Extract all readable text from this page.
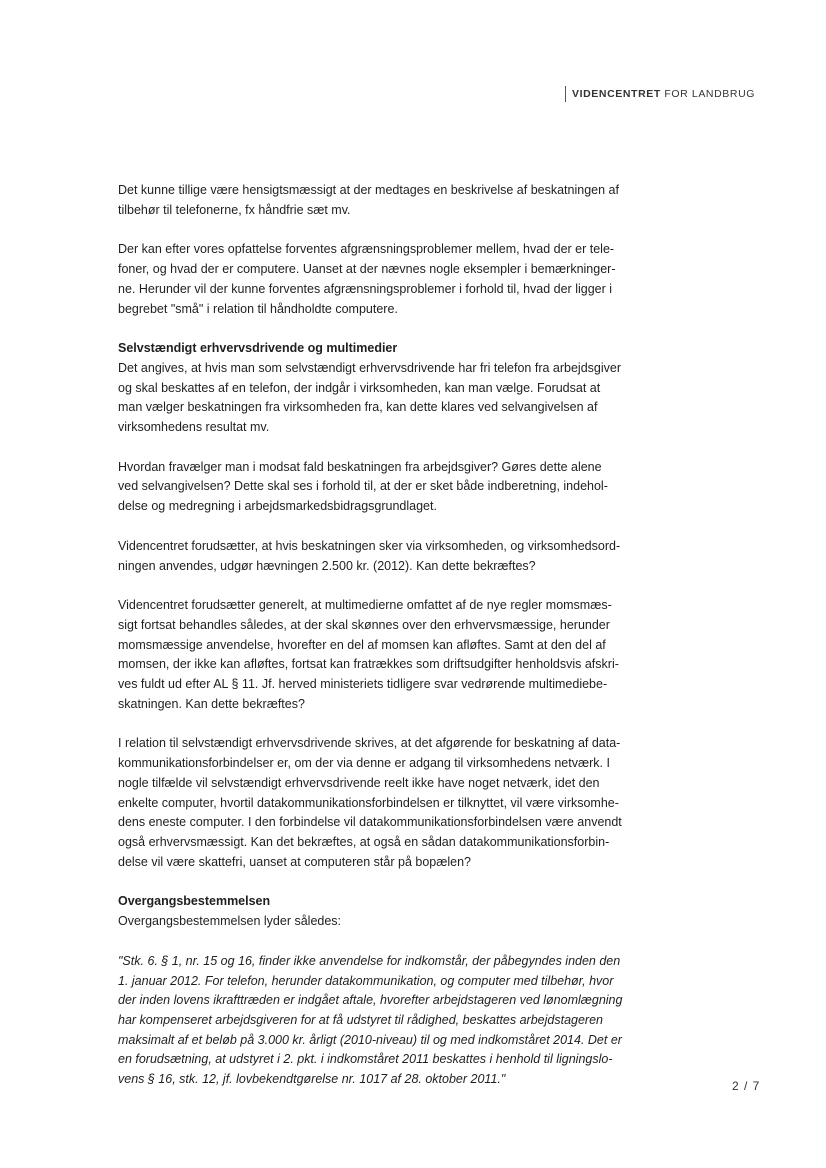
VIDENCENTRET FOR LANDBRUG

Det kunne tillige være hensigtsmæssigt at der medtages en beskrivelse af beskatningen af

tilbehør til telefonerne, fx håndfrie sæt mv.

Der kan efter vores opfattelse forventes afgrænsningsproblemer mellem, hvad der er tele-

foner, og hvad der er computere. Uanset at der nævnes nogle eksempler i bemærkninger-

ne. Herunder vil der kunne forventes afgrænsningsproblemer i forhold til, hvad der ligger i

begrebet "små" i relation til håndholdte computere.

Selvstændigt erhvervsdrivende og multimedier

Det angives, at hvis man som selvstændigt erhvervsdrivende har fri telefon fra arbejdsgiver

og skal beskattes af en telefon, der indgår i virksomheden, kan man vælge. Forudsat at

man vælger beskatningen fra virksomheden fra, kan dette klares ved selvangivelsen af

virksomhedens resultat mv.

Hvordan fravælger man i modsat fald beskatningen fra arbejdsgiver? Gøres dette alene

ved selvangivelsen? Dette skal ses i forhold til, at der er sket både indberetning, indehol-

delse og medregning i arbejdsmarkedsbidragsgrundlaget.

Videncentret forudsætter, at hvis beskatningen sker via virksomheden, og virksomhedsord-

ningen anvendes, udgør hævningen 2.500 kr. (2012). Kan dette bekræftes?

Videncentret forudsætter generelt, at multimedierne omfattet af de nye regler momsmæs-

sigt fortsat behandles således, at der skal skønnes over den erhvervsmæssige, herunder

momsmæssige anvendelse, hvorefter en del af momsen kan afløftes. Samt at den del af

momsen, der ikke kan afløftes, fortsat kan fratrækkes som driftsudgifter henholdsvis afskri-

ves fuldt ud efter AL § 11. Jf. herved ministeriets tidligere svar vedrørende multimediebe-

skatningen. Kan dette bekræftes?

I relation til selvstændigt erhvervsdrivende skrives, at det afgørende for beskatning af data-

kommunikationsforbindelser er, om der via denne er adgang til virksomhedens netværk. I

nogle tilfælde vil selvstændigt erhvervsdrivende reelt ikke have noget netværk, idet den

enkelte computer, hvortil datakommunikationsforbindelsen er tilknyttet, vil være virksomhe-

dens eneste computer. I den forbindelse vil datakommunikationsforbindelsen være anvendt

også erhvervsmæssigt. Kan det bekræftes, at også en sådan datakommunikationsforbin-

delse vil være skattefri, uanset at computeren står på bopælen?

Overgangsbestemmelsen

Overgangsbestemmelsen lyder således:

"Stk. 6. § 1, nr. 15 og 16, finder ikke anvendelse for indkomstår, der påbegyndes inden den

1. januar 2012. For telefon, herunder datakommunikation, og computer med tilbehør, hvor

der inden lovens ikrafttræden er indgået aftale, hvorefter arbejdstageren ved lønomlægning

har kompenseret arbejdsgiveren for at få udstyret til rådighed, beskattes arbejdstageren

maksimalt af et beløb på 3.000 kr. årligt (2010-niveau) til og med indkomståret 2014. Det er

en forudsætning, at udstyret i 2. pkt. i indkomståret 2011 beskattes i henhold til ligningslo-

vens § 16, stk. 12, jf. lovbekendtgørelse nr. 1017 af 28. oktober 2011."	2 / 7
